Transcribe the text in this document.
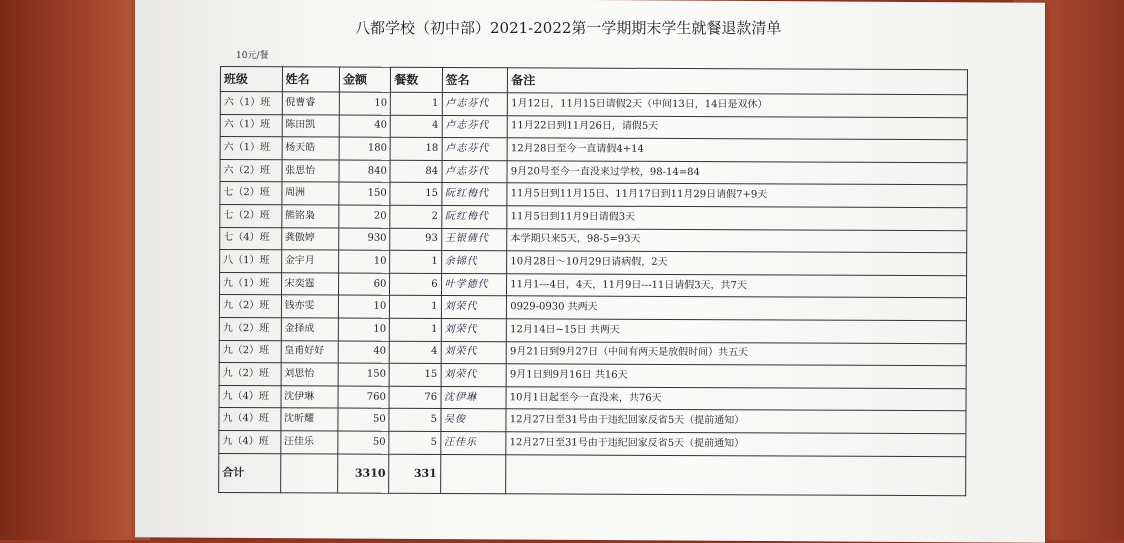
八都学校（初中部）2021-2022第一学期期末学生就餐退款清单
10元/餐
班级	姓名	金额	餐数	签名	备注
六（1）班	倪曹睿	10	1	卢志芬代	1月12日，11月15日请假2天（中间13日，14日是双休）
六（1）班	陈田凯	40	4	卢志芬代	11月22日到11月26日，请假5天
六（1）班	杨天皓	180	18	卢志芬代	12月28日至今一直请假4+14
六（2）班	张思怡	840	84	卢志芬代	9月20号至今一直没来过学校，98-14=84
七（2）班	周洲	150	15	阮红梅代	11月5日到11月15日、11月17日到11月29日请假7+9天
七（2）班	熊铭枭	20	2	阮红梅代	11月5日到11月9日请假3天
七（4）班	龚傲婷	930	93	王银倩代	本学期只来5天，98-5=93天
八（1）班	金宇月	10	1	余锦代	10月28日～10月29日请病假，2天
九（1）班	宋奕霆	60	6	叶学德代	11月1---4日，4天，11月9日---11日请假3天，共7天
九（2）班	钱亦雯	10	1	刘荣代	0929-0930 共两天
九（2）班	金择成	10	1	刘荣代	12月14日~15日 共两天
九（2）班	皇甫好好	40	4	刘荣代	9月21日到9月27日（中间有两天是放假时间）共五天
九（2）班	刘思怡	150	15	刘荣代	9月1日到9月16日 共16天
九（4）班	沈伊琳	760	76	沈伊琳	10月1日起至今一直没来，共76天
九（4）班	沈昕耀	50	5	吴俊	12月27日至31号由于违纪回家反省5天（提前通知）
九（4）班	汪佳乐	50	5	汪佳乐	12月27日至31号由于违纪回家反省5天（提前通知）
合计		3310	331		
